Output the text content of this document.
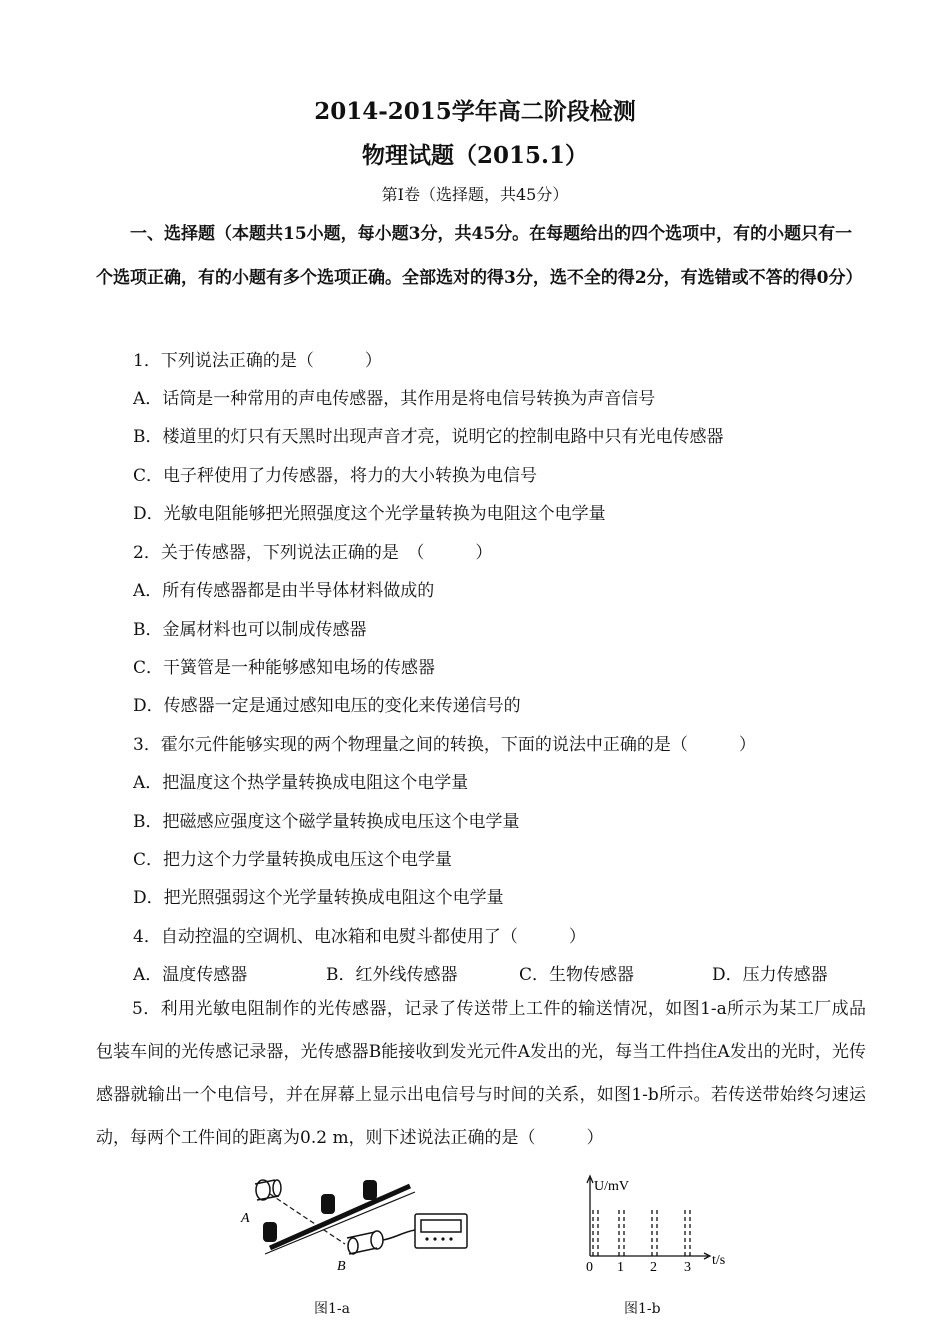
2014-2015学年高二阶段检测
物理试题（2015.1）
第Ⅰ卷（选择题，共45分）
一、选择题（本题共15小题，每小题3分，共45分。在每题给出的四个选项中，有的小题只有一个选项正确，有的小题有多个选项正确。全部选对的得3分，选不全的得2分，有选错或不答的得0分）
1．下列说法正确的是（　　　）
A．话筒是一种常用的声电传感器，其作用是将电信号转换为声音信号
B．楼道里的灯只有天黑时出现声音才亮，说明它的控制电路中只有光电传感器
C．电子秤使用了力传感器，将力的大小转换为电信号
D．光敏电阻能够把光照强度这个光学量转换为电阻这个电学量
2．关于传感器，下列说法正确的是　（　　　）
A．所有传感器都是由半导体材料做成的
B．金属材料也可以制成传感器
C．干簧管是一种能够感知电场的传感器
D．传感器一定是通过感知电压的变化来传递信号的
3．霍尔元件能够实现的两个物理量之间的转换，下面的说法中正确的是（　　　）
A．把温度这个热学量转换成电阻这个电学量
B．把磁感应强度这个磁学量转换成电压这个电学量
C．把力这个力学量转换成电压这个电学量
D．把光照强弱这个光学量转换成电阻这个电学量
4．自动控温的空调机、电冰箱和电熨斗都使用了（　　　）
A．温度传感器	B．红外线传感器	C．生物传感器	D．压力传感器
5．利用光敏电阻制作的光传感器，记录了传送带上工件的输送情况，如图1-a所示为某工厂成品包装车间的光传感记录器，光传感器B能接收到发光元件A发出的光，每当工件挡住A发出的光时，光传感器就输出一个电信号，并在屏幕上显示出电信号与时间的关系，如图1-b所示。若传送带始终匀速运动，每两个工件间的距离为0.2 m，则下述说法正确的是（　　　）
A
B
图1-a
U/mV
t/s
0 1 2 3
图1-b
